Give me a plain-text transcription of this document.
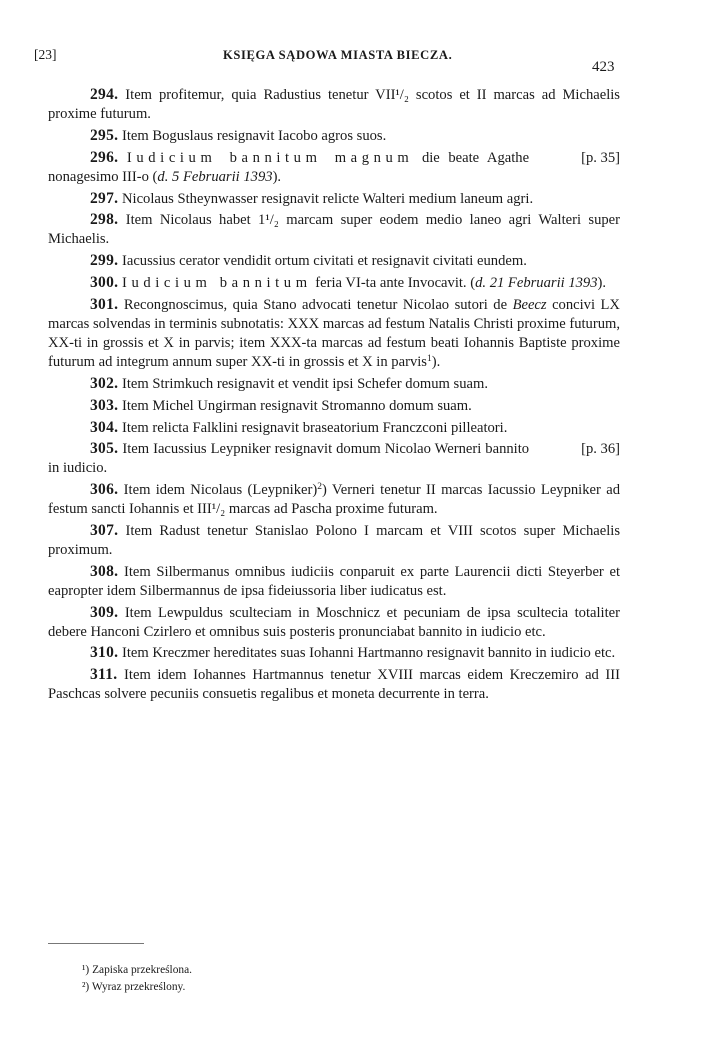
[23]	KSIĘGA SĄDOWA MIASTA BIECZA.
423

294. Item profitemur, quia Radustius tenetur VII¹/₂ scotos et II marcas ad Michaelis proxime futurum.

295. Item Boguslaus resignavit Iacobo agros suos.

[p. 35]
296. Iudicium bannitum magnum die beate Agathe nonagesimo III-o (d. 5 Februarii 1393).

297. Nicolaus Stheynwasser resignavit relicte Walteri medium laneum agri.

298. Item Nicolaus habet 1¹/₂ marcam super eodem medio laneo agri Walteri super Michaelis.

299. Iacussius cerator vendidit ortum civitati et resignavit civitati eundem.

300. Iudicium bannitum feria VI-ta ante Invocavit. (d. 21 Februarii 1393).

301. Recongnoscimus, quia Stano advocati tenetur Nicolao sutori de Beecz concivi LX marcas solvendas in terminis subnotatis: XXX marcas ad festum Natalis Christi proxime futurum, XX-ti in grossis et X in parvis; item XXX-ta marcas ad festum beati Iohannis Baptiste proxime futurum ad integrum annum super XX-ti in grossis et X in parvis$^1$).

302. Item Strimkuch resignavit et vendit ipsi Schefer domum suam.

303. Item Michel Ungirman resignavit Stromanno domum suam.

304. Item relicta Falklini resignavit braseatorium Franczconi pilleatori.

[p. 36]
305. Item Iacussius Leypniker resignavit domum Nicolao Werneri bannito in iudicio.

306. Item idem Nicolaus (Leypniker)$^2$) Verneri tenetur II marcas Iacussio Leypniker ad festum sancti Iohannis et III¹/₂ marcas ad Pascha proxime futuram.

307. Item Radust tenetur Stanislao Polono I marcam et VIII scotos super Michaelis proximum.

308. Item Silbermanus omnibus iudiciis conparuit ex parte Laurencii dicti Steyerber et eapropter idem Silbermannus de ipsa fideiussoria liber iudicatus est.

309. Item Lewpuldus sculteciam in Moschnicz et pecuniam de ipsa scultecia totaliter debere Hanconi Czirlero et omnibus suis posteris pronunciabat bannito in iudicio etc.

310. Item Kreczmer hereditates suas Iohanni Hartmanno resignavit bannito in iudicio etc.

311. Item idem Iohannes Hartmannus tenetur XVIII marcas eidem Kreczemiro ad III Paschcas solvere pecuniis consuetis regalibus et moneta decurrente in terra.

¹) Zapiska przekreślona.

²) Wyraz przekreślony.
